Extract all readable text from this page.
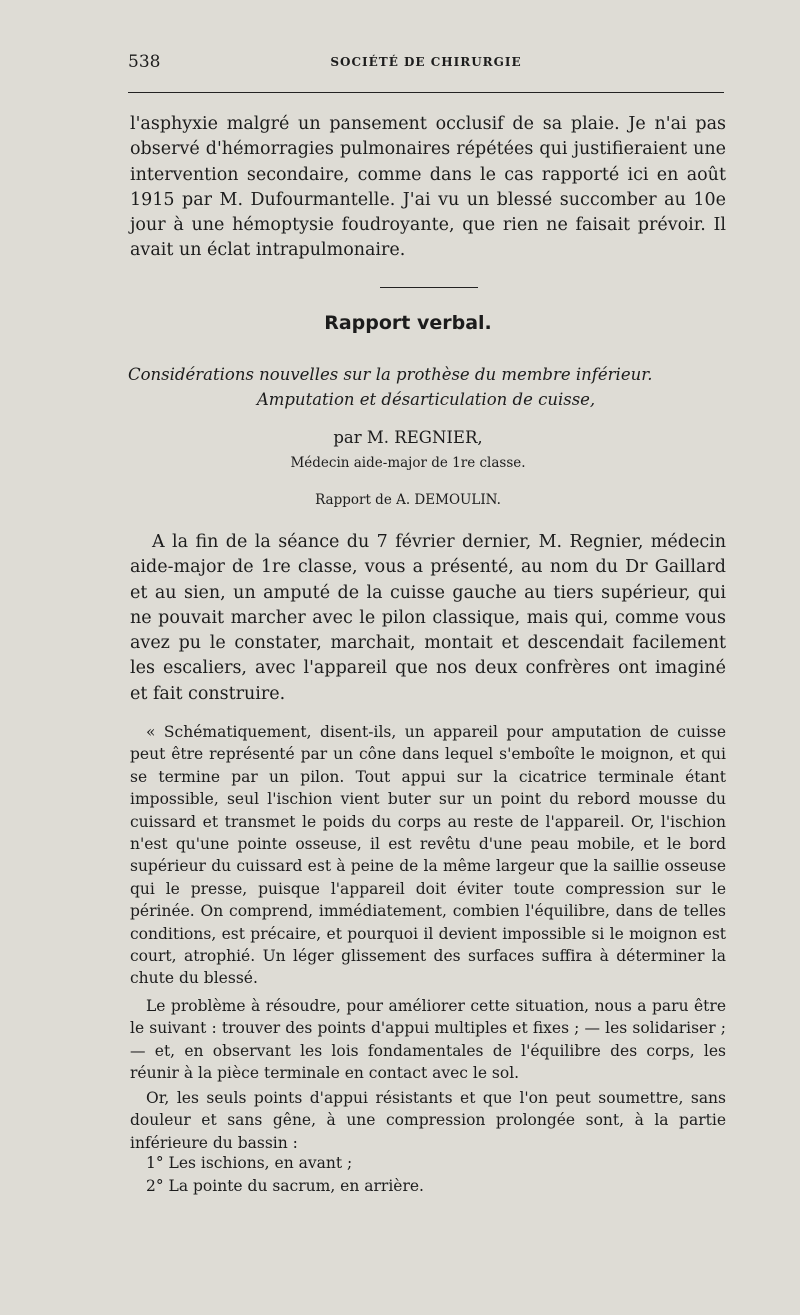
538	SOCIÉTÉ DE CHIRURGIE

l'asphyxie malgré un pansement occlusif de sa plaie. Je n'ai pas observé d'hémorragies pulmonaires répétées qui justifieraient une intervention secondaire, comme dans le cas rapporté ici en août 1915 par M. Dufourmantelle. J'ai vu un blessé succomber au 10e jour à une hémoptysie foudroyante, que rien ne faisait prévoir. Il avait un éclat intrapulmonaire.

Rapport verbal.
Considérations nouvelles sur la prothèse du membre inférieur.
Amputation et désarticulation de cuisse,
par M. REGNIER,
Médecin aide-major de 1re classe.
Rapport de A. DEMOULIN.

A la fin de la séance du 7 février dernier, M. Regnier, médecin aide-major de 1re classe, vous a présenté, au nom du Dr Gaillard et au sien, un amputé de la cuisse gauche au tiers supérieur, qui ne pouvait marcher avec le pilon classique, mais qui, comme vous avez pu le constater, marchait, montait et descendait facilement les escaliers, avec l'appareil que nos deux confrères ont imaginé et fait construire.

« Schématiquement, disent-ils, un appareil pour amputation de cuisse peut être représenté par un cône dans lequel s'emboîte le moignon, et qui se termine par un pilon. Tout appui sur la cicatrice terminale étant impossible, seul l'ischion vient buter sur un point du rebord mousse du cuissard et transmet le poids du corps au reste de l'appareil. Or, l'ischion n'est qu'une pointe osseuse, il est revêtu d'une peau mobile, et le bord supérieur du cuissard est à peine de la même largeur que la saillie osseuse qui le presse, puisque l'appareil doit éviter toute compression sur le périnée. On comprend, immédiatement, combien l'équilibre, dans de telles conditions, est précaire, et pourquoi il devient impossible si le moignon est court, atrophié. Un léger glissement des surfaces suffira à déterminer la chute du blessé.

Le problème à résoudre, pour améliorer cette situation, nous a paru être le suivant : trouver des points d'appui multiples et fixes ; — les solidariser ; — et, en observant les lois fondamentales de l'équilibre des corps, les réunir à la pièce terminale en contact avec le sol.

Or, les seuls points d'appui résistants et que l'on peut soumettre, sans douleur et sans gêne, à une compression prolongée sont, à la partie inférieure du bassin :

1° Les ischions, en avant ;
2° La pointe du sacrum, en arrière.
